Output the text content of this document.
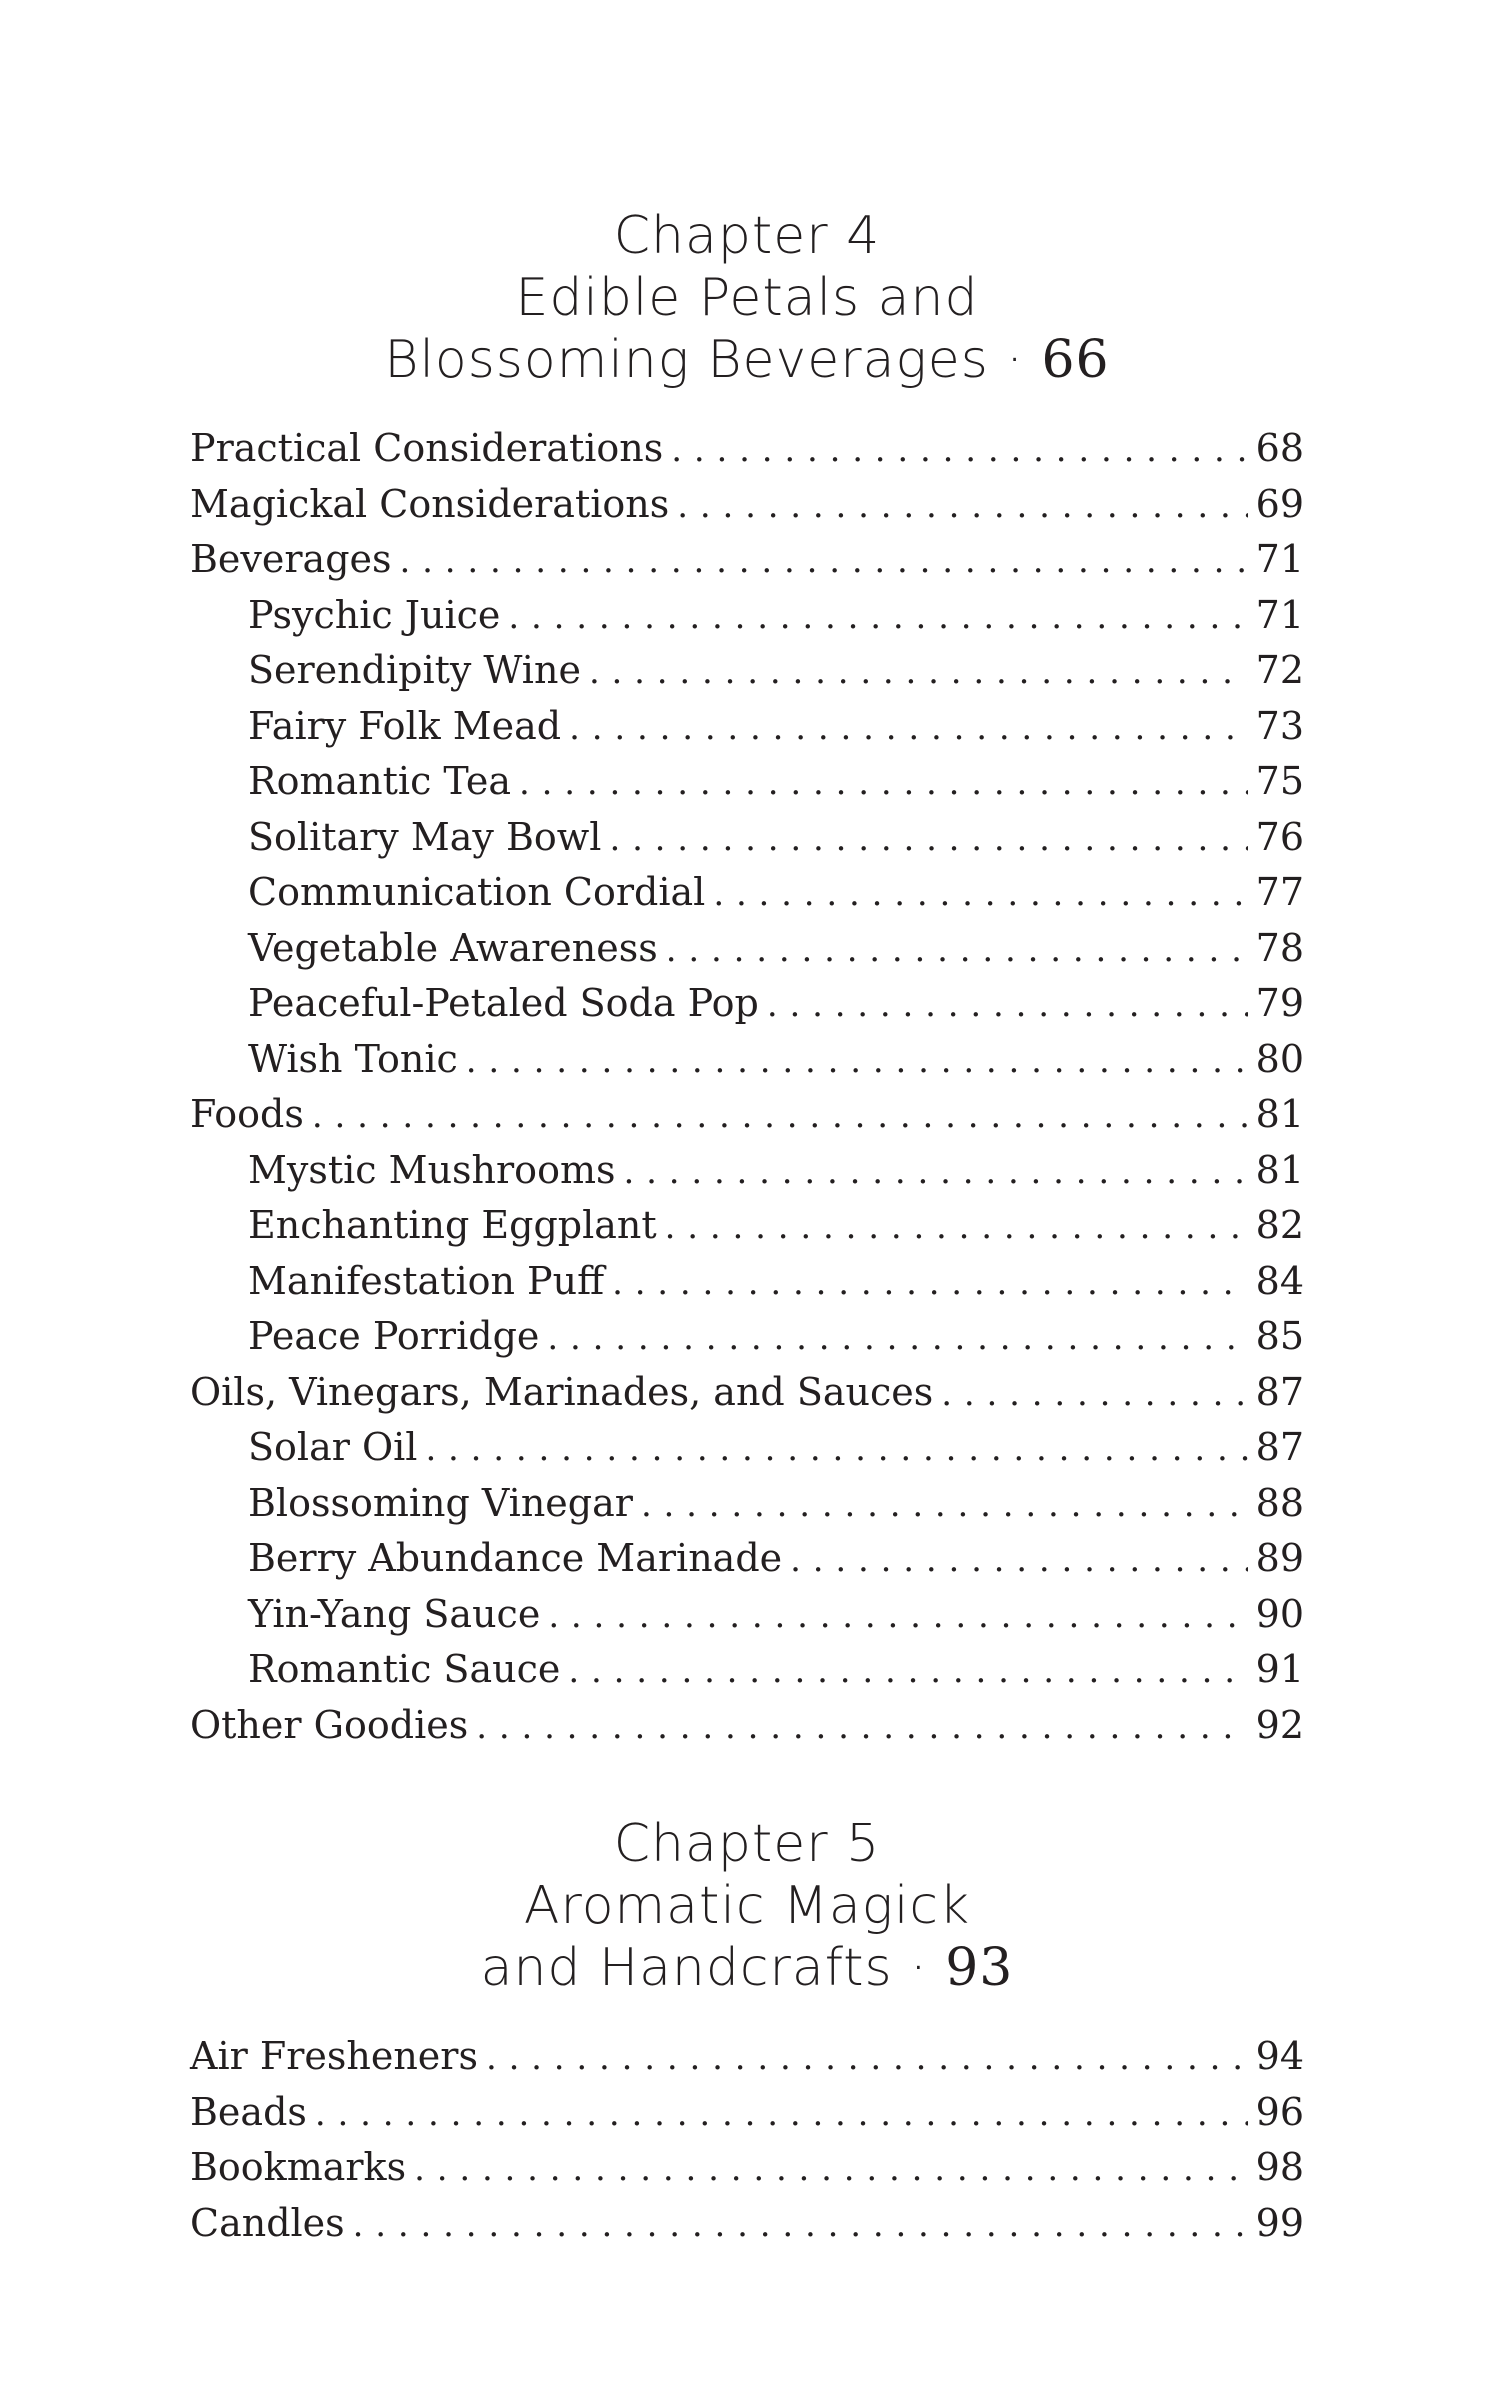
Chapter 4
Edible Petals and
Blossoming Beverages · 66
Practical Considerations . . .	68
Magickal Considerations . . .	69
Beverages . . .	71
Psychic Juice . . .	71
Serendipity Wine . . .	72
Fairy Folk Mead . . .	73
Romantic Tea . . .	75
Solitary May Bowl . . .	76
Communication Cordial . . .	77
Vegetable Awareness . . .	78
Peaceful-Petaled Soda Pop . . .	79
Wish Tonic . . .	80
Foods . . .	81
Mystic Mushrooms . . .	81
Enchanting Eggplant . . .	82
Manifestation Puff . . .	84
Peace Porridge . . .	85
Oils, Vinegars, Marinades, and Sauces . . .	87
Solar Oil . . .	87
Blossoming Vinegar . . .	88
Berry Abundance Marinade . . .	89
Yin-Yang Sauce . . .	90
Romantic Sauce . . .	91
Other Goodies . . .	92
Chapter 5
Aromatic Magick
and Handcrafts · 93
Air Fresheners . . .	94
Beads . . .	96
Bookmarks . . .	98
Candles . . .	99
